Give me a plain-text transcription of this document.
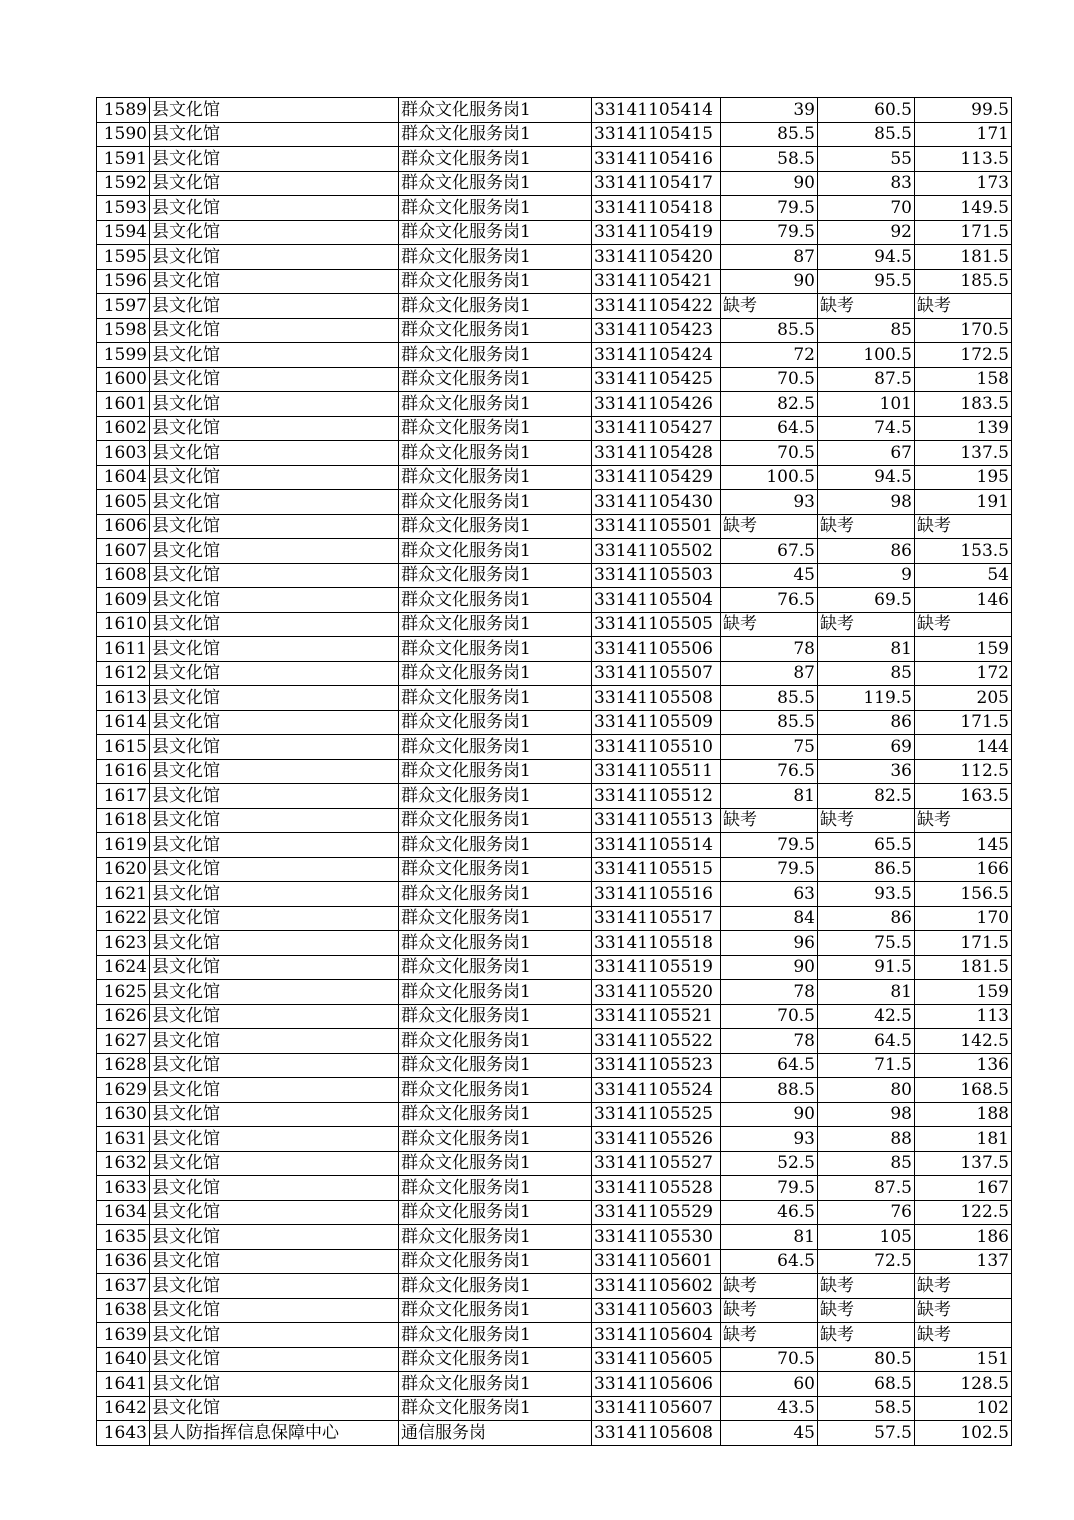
1589	县文化馆	群众文化服务岗1	33141105414	39	60.5	99.5
1590	县文化馆	群众文化服务岗1	33141105415	85.5	85.5	171
1591	县文化馆	群众文化服务岗1	33141105416	58.5	55	113.5
1592	县文化馆	群众文化服务岗1	33141105417	90	83	173
1593	县文化馆	群众文化服务岗1	33141105418	79.5	70	149.5
1594	县文化馆	群众文化服务岗1	33141105419	79.5	92	171.5
1595	县文化馆	群众文化服务岗1	33141105420	87	94.5	181.5
1596	县文化馆	群众文化服务岗1	33141105421	90	95.5	185.5
1597	县文化馆	群众文化服务岗1	33141105422	缺考	缺考	缺考
1598	县文化馆	群众文化服务岗1	33141105423	85.5	85	170.5
1599	县文化馆	群众文化服务岗1	33141105424	72	100.5	172.5
1600	县文化馆	群众文化服务岗1	33141105425	70.5	87.5	158
1601	县文化馆	群众文化服务岗1	33141105426	82.5	101	183.5
1602	县文化馆	群众文化服务岗1	33141105427	64.5	74.5	139
1603	县文化馆	群众文化服务岗1	33141105428	70.5	67	137.5
1604	县文化馆	群众文化服务岗1	33141105429	100.5	94.5	195
1605	县文化馆	群众文化服务岗1	33141105430	93	98	191
1606	县文化馆	群众文化服务岗1	33141105501	缺考	缺考	缺考
1607	县文化馆	群众文化服务岗1	33141105502	67.5	86	153.5
1608	县文化馆	群众文化服务岗1	33141105503	45	9	54
1609	县文化馆	群众文化服务岗1	33141105504	76.5	69.5	146
1610	县文化馆	群众文化服务岗1	33141105505	缺考	缺考	缺考
1611	县文化馆	群众文化服务岗1	33141105506	78	81	159
1612	县文化馆	群众文化服务岗1	33141105507	87	85	172
1613	县文化馆	群众文化服务岗1	33141105508	85.5	119.5	205
1614	县文化馆	群众文化服务岗1	33141105509	85.5	86	171.5
1615	县文化馆	群众文化服务岗1	33141105510	75	69	144
1616	县文化馆	群众文化服务岗1	33141105511	76.5	36	112.5
1617	县文化馆	群众文化服务岗1	33141105512	81	82.5	163.5
1618	县文化馆	群众文化服务岗1	33141105513	缺考	缺考	缺考
1619	县文化馆	群众文化服务岗1	33141105514	79.5	65.5	145
1620	县文化馆	群众文化服务岗1	33141105515	79.5	86.5	166
1621	县文化馆	群众文化服务岗1	33141105516	63	93.5	156.5
1622	县文化馆	群众文化服务岗1	33141105517	84	86	170
1623	县文化馆	群众文化服务岗1	33141105518	96	75.5	171.5
1624	县文化馆	群众文化服务岗1	33141105519	90	91.5	181.5
1625	县文化馆	群众文化服务岗1	33141105520	78	81	159
1626	县文化馆	群众文化服务岗1	33141105521	70.5	42.5	113
1627	县文化馆	群众文化服务岗1	33141105522	78	64.5	142.5
1628	县文化馆	群众文化服务岗1	33141105523	64.5	71.5	136
1629	县文化馆	群众文化服务岗1	33141105524	88.5	80	168.5
1630	县文化馆	群众文化服务岗1	33141105525	90	98	188
1631	县文化馆	群众文化服务岗1	33141105526	93	88	181
1632	县文化馆	群众文化服务岗1	33141105527	52.5	85	137.5
1633	县文化馆	群众文化服务岗1	33141105528	79.5	87.5	167
1634	县文化馆	群众文化服务岗1	33141105529	46.5	76	122.5
1635	县文化馆	群众文化服务岗1	33141105530	81	105	186
1636	县文化馆	群众文化服务岗1	33141105601	64.5	72.5	137
1637	县文化馆	群众文化服务岗1	33141105602	缺考	缺考	缺考
1638	县文化馆	群众文化服务岗1	33141105603	缺考	缺考	缺考
1639	县文化馆	群众文化服务岗1	33141105604	缺考	缺考	缺考
1640	县文化馆	群众文化服务岗1	33141105605	70.5	80.5	151
1641	县文化馆	群众文化服务岗1	33141105606	60	68.5	128.5
1642	县文化馆	群众文化服务岗1	33141105607	43.5	58.5	102
1643	县人防指挥信息保障中心	通信服务岗	33141105608	45	57.5	102.5
